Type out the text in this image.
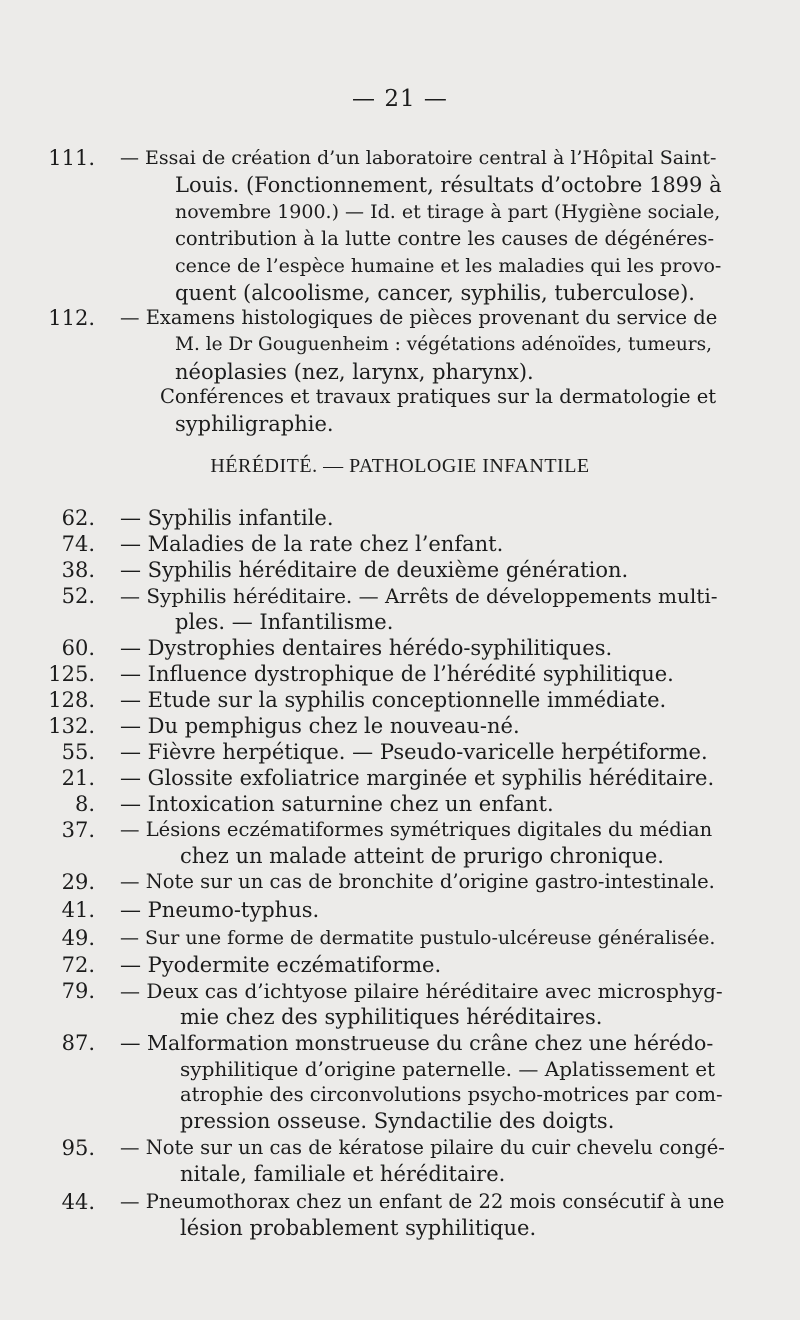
— 21 —
111. — Essai de création d’un laboratoire central à l’Hôpital Saint-
Louis. (Fonctionnement, résultats d’octobre 1899 à
novembre 1900.) — Id. et tirage à part (Hygiène sociale,
contribution à la lutte contre les causes de dégénéres-
cence de l’espèce humaine et les maladies qui les provo-
quent (alcoolisme, cancer, syphilis, tuberculose).
112. — Examens histologiques de pièces provenant du service de
M. le Dr Gouguenheim : végétations adénoïdes, tumeurs,
néoplasies (nez, larynx, pharynx).
Conférences et travaux pratiques sur la dermatologie et
syphiligraphie.
HÉRÉDITÉ. — PATHOLOGIE INFANTILE
62. — Syphilis infantile.
74. — Maladies de la rate chez l’enfant.
38. — Syphilis héréditaire de deuxième génération.
52. — Syphilis héréditaire. — Arrêts de développements multi-
ples. — Infantilisme.
60. — Dystrophies dentaires hérédo-syphilitiques.
125. — Influence dystrophique de l’hérédité syphilitique.
128. — Etude sur la syphilis conceptionnelle immédiate.
132. — Du pemphigus chez le nouveau-né.
55. — Fièvre herpétique. — Pseudo-varicelle herpétiforme.
21. — Glossite exfoliatrice marginée et syphilis héréditaire.
8. — Intoxication saturnine chez un enfant.
37. — Lésions eczématiformes symétriques digitales du médian
chez un malade atteint de prurigo chronique.
29. — Note sur un cas de bronchite d’origine gastro-intestinale.
41. — Pneumo-typhus.
49. — Sur une forme de dermatite pustulo-ulcéreuse généralisée.
72. — Pyodermite eczématiforme.
79. — Deux cas d’ichtyose pilaire héréditaire avec microsphyg-
mie chez des syphilitiques héréditaires.
87. — Malformation monstrueuse du crâne chez une hérédo-
syphilitique d’origine paternelle. — Aplatissement et
atrophie des circonvolutions psycho-motrices par com-
pression osseuse. Syndactilie des doigts.
95. — Note sur un cas de kératose pilaire du cuir chevelu congé-
nitale, familiale et héréditaire.
44. — Pneumothorax chez un enfant de 22 mois consécutif à une
lésion probablement syphilitique.
